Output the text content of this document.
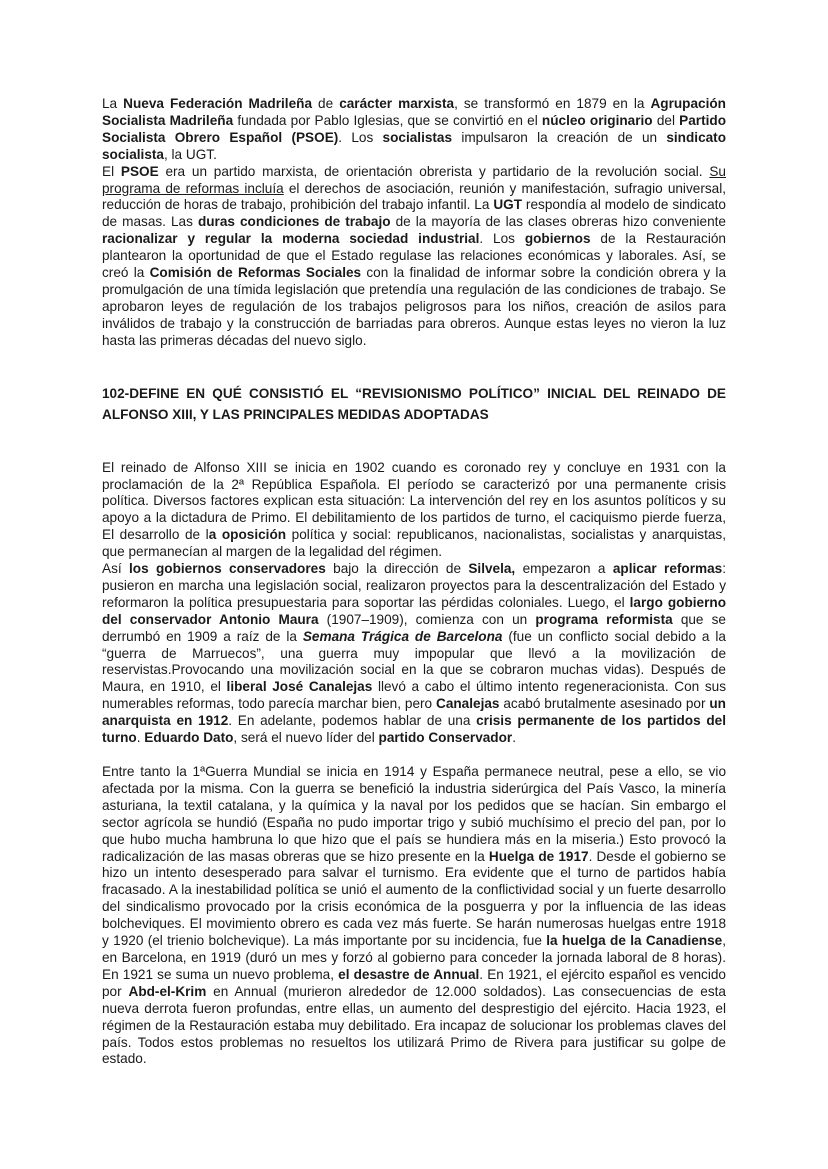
La Nueva Federación Madrileña de carácter marxista, se transformó en 1879 en la Agrupación Socialista Madrileña fundada por Pablo Iglesias, que se convirtió en el núcleo originario del Partido Socialista Obrero Español (PSOE). Los socialistas impulsaron la creación de un sindicato socialista, la UGT.

El PSOE era un partido marxista, de orientación obrerista y partidario de la revolución social. Su programa de reformas incluía el derechos de asociación, reunión y manifestación, sufragio universal, reducción de horas de trabajo, prohibición del trabajo infantil. La UGT respondía al modelo de sindicato de masas. Las duras condiciones de trabajo de la mayoría de las clases obreras hizo conveniente racionalizar y regular la moderna sociedad industrial. Los gobiernos de la Restauración plantearon la oportunidad de que el Estado regulase las relaciones económicas y laborales. Así, se creó la Comisión de Reformas Sociales con la finalidad de informar sobre la condición obrera y la promulgación de una tímida legislación que pretendía una regulación de las condiciones de trabajo. Se aprobaron leyes de regulación de los trabajos peligrosos para los niños, creación de asilos para inválidos de trabajo y la construcción de barriadas para obreros. Aunque estas leyes no vieron la luz hasta las primeras décadas del nuevo siglo.

102-DEFINE EN QUÉ CONSISTIÓ EL “REVISIONISMO POLÍTICO” INICIAL DEL REINADO DE ALFONSO XIII, Y LAS PRINCIPALES MEDIDAS ADOPTADAS

El reinado de Alfonso XIII se inicia en 1902 cuando es coronado rey y concluye en 1931 con la proclamación de la 2ª República Española. El período se caracterizó por una permanente crisis política. Diversos factores explican esta situación: La intervención del rey en los asuntos políticos y su apoyo a la dictadura de Primo. El debilitamiento de los partidos de turno, el caciquismo pierde fuerza, El desarrollo de la oposición política y social: republicanos, nacionalistas, socialistas y anarquistas, que permanecían al margen de la legalidad del régimen.

Así los gobiernos conservadores bajo la dirección de Silvela, empezaron a aplicar reformas: pusieron en marcha una legislación social, realizaron proyectos para la descentralización del Estado y reformaron la política presupuestaria para soportar las pérdidas coloniales. Luego, el largo gobierno del conservador Antonio Maura (1907–1909), comienza con un programa reformista que se derrumbó en 1909 a raíz de la Semana Trágica de Barcelona (fue un conflicto social debido a la “guerra de Marruecos”, una guerra muy impopular que llevó a la movilización de reservistas.Provocando una movilización social en la que se cobraron muchas vidas). Después de Maura, en 1910, el liberal José Canalejas llevó a cabo el último intento regeneracionista. Con sus numerables reformas, todo parecía marchar bien, pero Canalejas acabó brutalmente asesinado por un anarquista en 1912. En adelante, podemos hablar de una crisis permanente de los partidos del turno. Eduardo Dato, será el nuevo líder del partido Conservador.

Entre tanto la 1ªGuerra Mundial se inicia en 1914 y España permanece neutral, pese a ello, se vio afectada por la misma. Con la guerra se benefició la industria siderúrgica del País Vasco, la minería asturiana, la textil catalana, y la química y la naval por los pedidos que se hacían. Sin embargo el sector agrícola se hundió (España no pudo importar trigo y subió muchísimo el precio del pan, por lo que hubo mucha hambruna lo que hizo que el país se hundiera más en la miseria.) Esto provocó la radicalización de las masas obreras que se hizo presente en la Huelga de 1917. Desde el gobierno se hizo un intento desesperado para salvar el turnismo. Era evidente que el turno de partidos había fracasado. A la inestabilidad política se unió el aumento de la conflictividad social y un fuerte desarrollo del sindicalismo provocado por la crisis económica de la posguerra y por la influencia de las ideas bolcheviques. El movimiento obrero es cada vez más fuerte. Se harán numerosas huelgas entre 1918 y 1920 (el trienio bolchevique). La más importante por su incidencia, fue la huelga de la Canadiense, en Barcelona, en 1919 (duró un mes y forzó al gobierno para conceder la jornada laboral de 8 horas). En 1921 se suma un nuevo problema, el desastre de Annual. En 1921, el ejército español es vencido por Abd-el-Krim en Annual (murieron alrededor de 12.000 soldados). Las consecuencias de esta nueva derrota fueron profundas, entre ellas, un aumento del desprestigio del ejército. Hacia 1923, el régimen de la Restauración estaba muy debilitado. Era incapaz de solucionar los problemas claves del país. Todos estos problemas no resueltos los utilizará Primo de Rivera para justificar su golpe de estado.
